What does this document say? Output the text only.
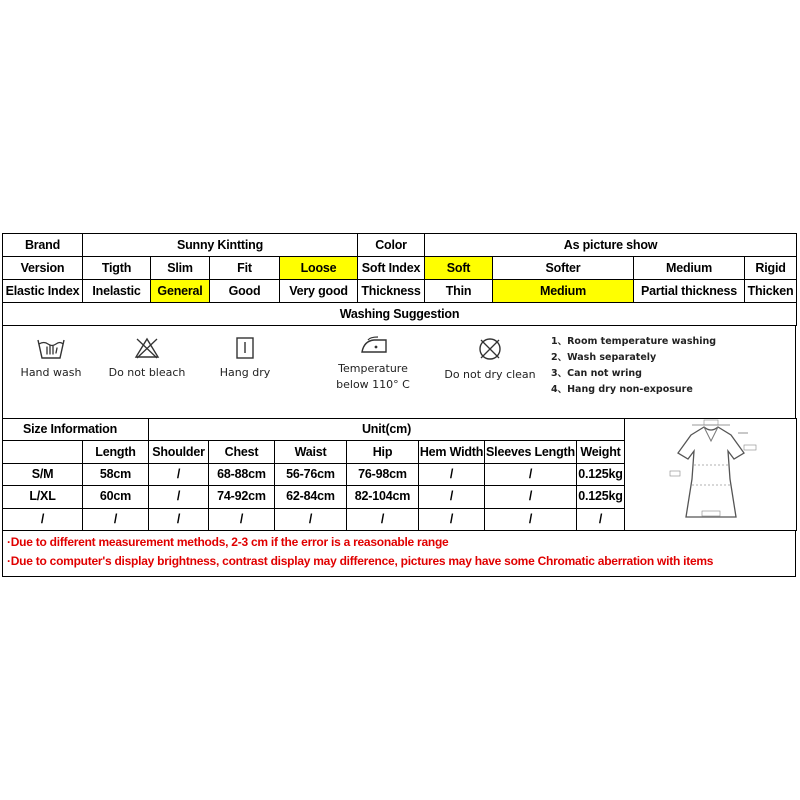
Brand	Sunny Kintting				Color	As picture show			
Version	Tigth	Slim	Fit	Loose	Soft Index	Soft	Softer	Medium	Rigid
Elastic Index	Inelastic	General	Good	Very good	Thickness	Thin	Medium	Partial thickness	Thicken
Washing Suggestion									
Hand wash	Do not bleach	Hang dry	Temperature
below 110° C
Do not dry clean
1、Room temperature washing
2、Wash separately
3、Can not wring
4、Hang dry non-exposure
Size Information		Unit(cm)	
	Length	Shoulder	Chest	Waist	Hip	Hem Width	Sleeves Length	Weight	
S/M	58cm	/	68-88cm	56-76cm	76-98cm	/	/	0.125kg	
L/XL	60cm	/	74-92cm	62-84cm	82-104cm	/	/	0.125kg	
/	/	/	/	/	/	/	/	/	
·Due to different measurement methods, 2-3 cm if the error is a reasonable range
·Due to computer's display brightness, contrast display may difference, pictures may have some Chromatic aberration with items
